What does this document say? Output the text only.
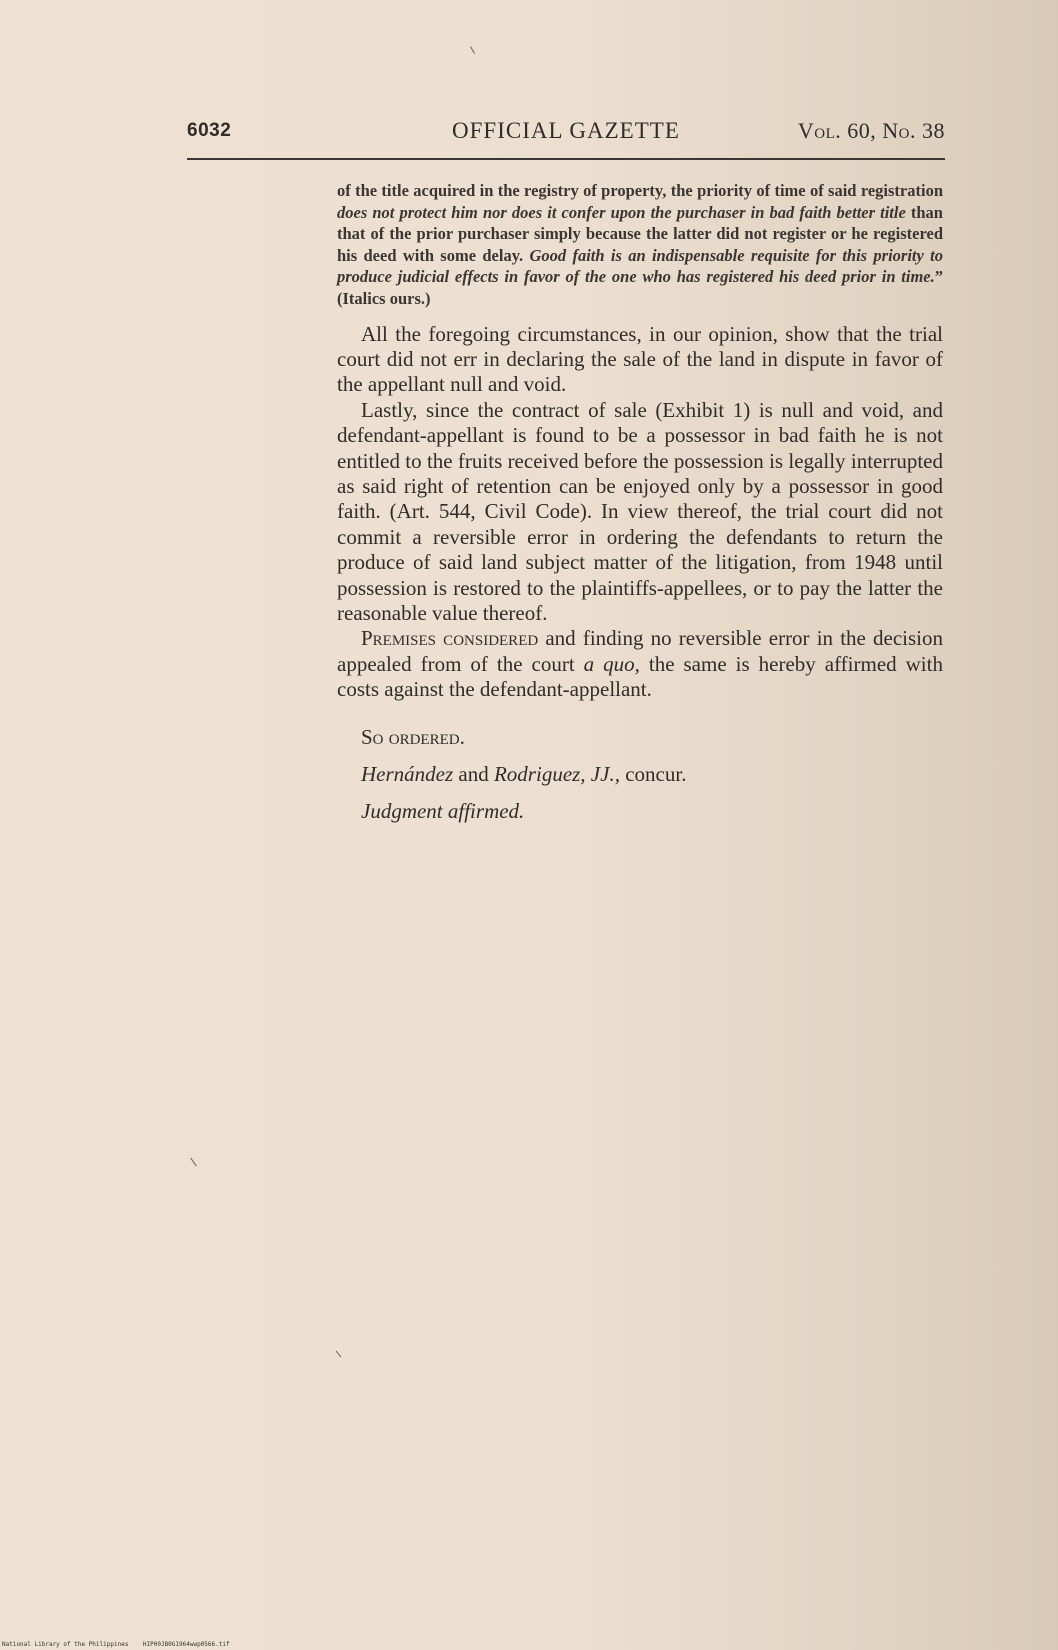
6032	OFFICIAL GAZETTE	Vol. 60, No. 38

of the title acquired in the registry of property, the priority of time of said registration does not protect him nor does it confer upon the purchaser in bad faith better title than that of the prior purchaser simply because the latter did not register or he registered his deed with some delay. Good faith is an indispensable requisite for this priority to produce judicial effects in favor of the one who has registered his deed prior in time.” (Italics ours.)

All the foregoing circumstances, in our opinion, show that the trial court did not err in declaring the sale of the land in dispute in favor of the appellant null and void.

Lastly, since the contract of sale (Exhibit 1) is null and void, and defendant-appellant is found to be a possessor in bad faith he is not entitled to the fruits received before the possession is legally interrupted as said right of retention can be enjoyed only by a possessor in good faith. (Art. 544, Civil Code). In view thereof, the trial court did not commit a reversible error in ordering the defendants to return the produce of said land subject matter of the litigation, from 1948 until possession is restored to the plaintiffs-appellees, or to pay the latter the reasonable value thereof.

Premises considered and finding no reversible error in the decision appealed from of the court a quo, the same is hereby affirmed with costs against the defendant-appellant.

So ordered.

Hernández and Rodriguez, JJ., concur.

Judgment affirmed.

National Library of the Philippines HIP00JB0G1964wwp0566.tif
